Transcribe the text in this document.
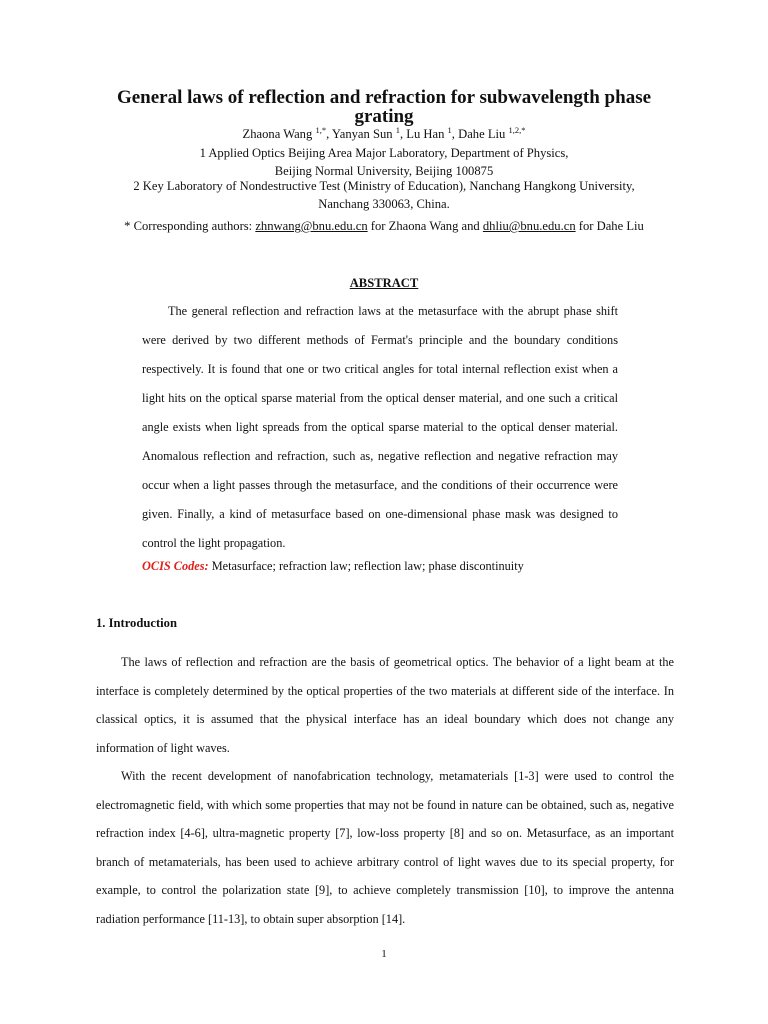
General laws of reflection and refraction for subwavelength phase grating
Zhaona Wang $^{1,*}$, Yanyan Sun $^1$, Lu Han $^1$, Dahe Liu $^{1,2,*}$
1 Applied Optics Beijing Area Major Laboratory, Department of Physics,
Beijing Normal University, Beijing 100875
2 Key Laboratory of Nondestructive Test (Ministry of Education), Nanchang Hangkong University,
Nanchang 330063, China.
* Corresponding authors: zhnwang@bnu.edu.cn for Zhaona Wang and dhliu@bnu.edu.cn for Dahe Liu
ABSTRACT

The general reflection and refraction laws at the metasurface with the abrupt phase shift were derived by two different methods of Fermat's principle and the boundary conditions respectively. It is found that one or two critical angles for total internal reflection exist when a light hits on the optical sparse material from the optical denser material, and one such a critical angle exists when light spreads from the optical sparse material to the optical denser material. Anomalous reflection and refraction, such as, negative reflection and negative refraction may occur when a light passes through the metasurface, and the conditions of their occurrence were given. Finally, a kind of metasurface based on one-dimensional phase mask was designed to control the light propagation.

OCIS Codes: Metasurface; refraction law; reflection law; phase discontinuity
1. Introduction

The laws of reflection and refraction are the basis of geometrical optics. The behavior of a light beam at the interface is completely determined by the optical properties of the two materials at different side of the interface. In classical optics, it is assumed that the physical interface has an ideal boundary which does not change any information of light waves.

With the recent development of nanofabrication technology, metamaterials [1-3] were used to control the electromagnetic field, with which some properties that may not be found in nature can be obtained, such as, negative refraction index [4-6], ultra-magnetic property [7], low-loss property [8] and so on. Metasurface, as an important branch of metamaterials, has been used to achieve arbitrary control of light waves due to its special property, for example, to control the polarization state [9], to achieve completely transmission [10], to improve the antenna radiation performance [11-13], to obtain super absorption [14].

1
